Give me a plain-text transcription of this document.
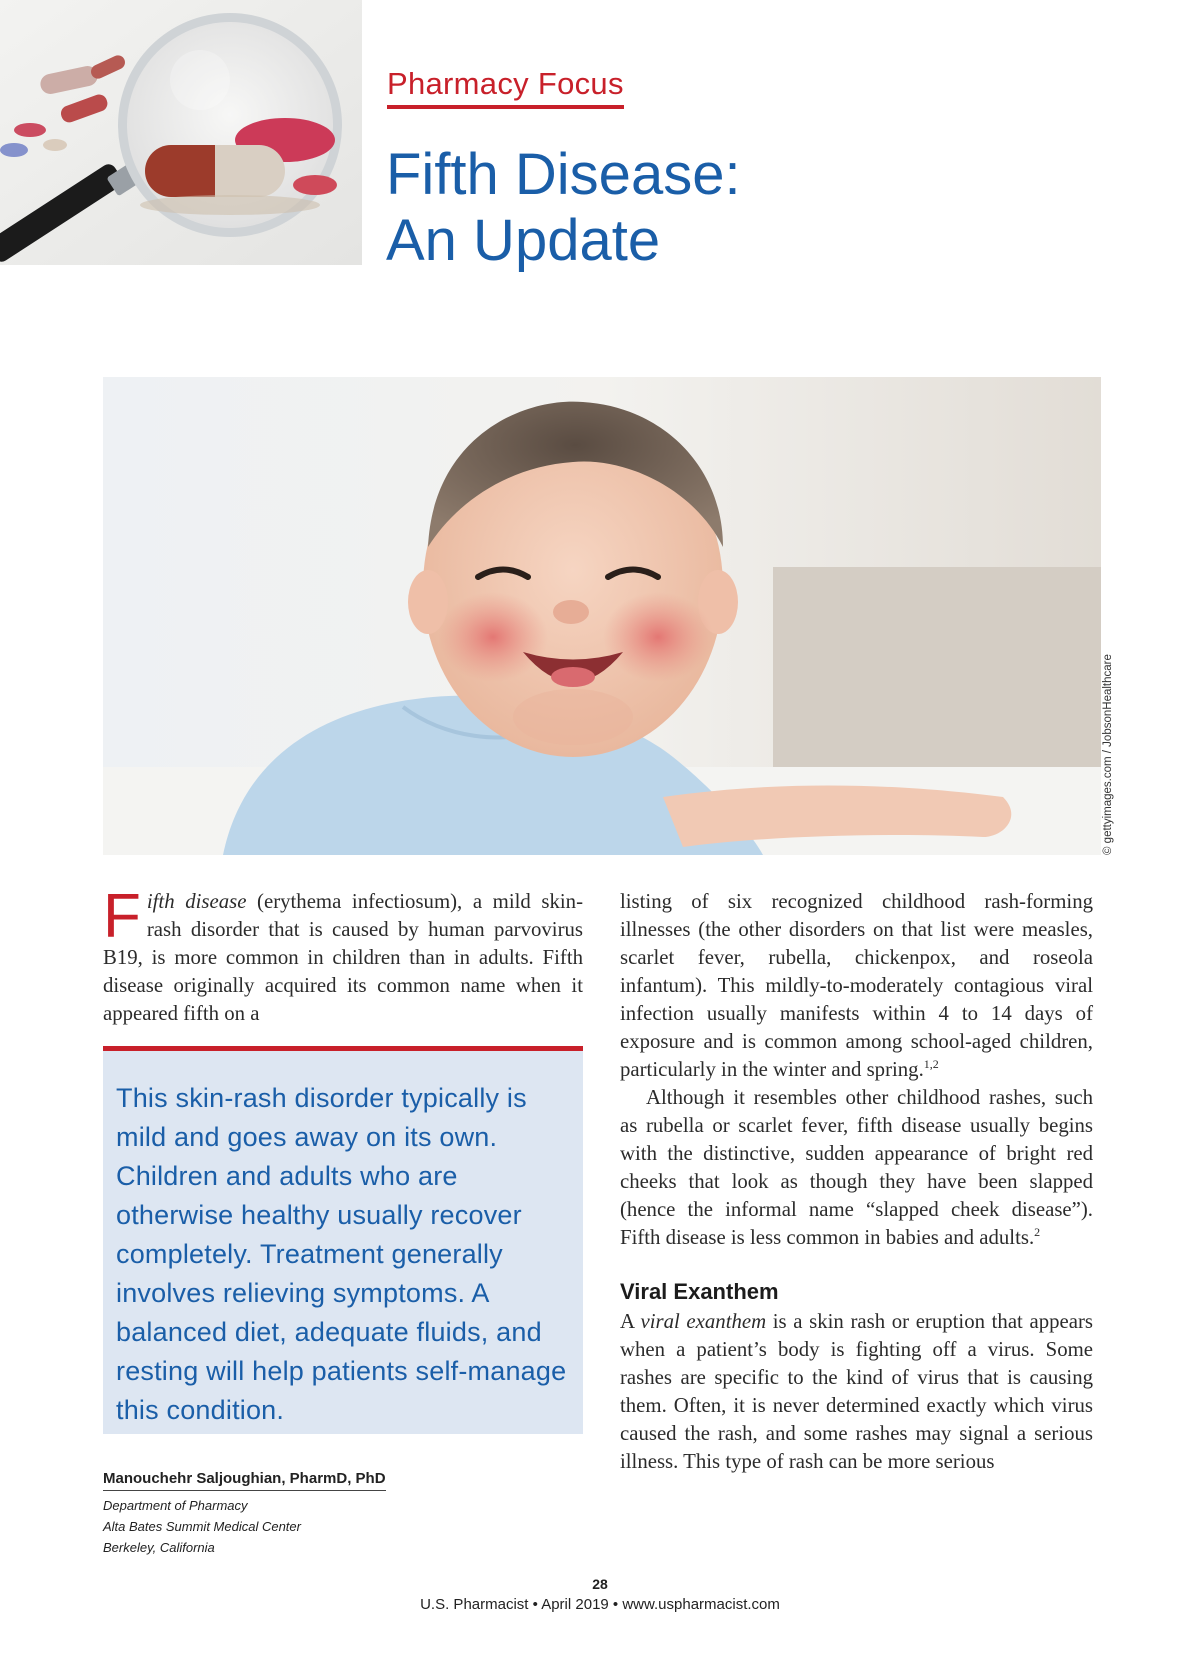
Pharmacy Focus
Fifth Disease:
An Update
© gettyimages.com / JobsonHealthcare

Fifth disease (erythema infectiosum), a mild skin-rash disorder that is caused by human parvovirus B19, is more common in children than in adults. Fifth disease originally acquired its common name when it appeared fifth on a

This skin-rash disorder typically is mild and goes away on its own. Children and adults who are otherwise healthy usually recover completely. Treatment generally involves relieving symptoms. A balanced diet, adequate fluids, and resting will help patients self-manage this condition.
Manouchehr Saljoughian, PharmD, PhD
Department of Pharmacy
Alta Bates Summit Medical Center
Berkeley, California

listing of six recognized childhood rash-forming illnesses (the other disorders on that list were measles, scarlet fever, rubella, chickenpox, and roseola infantum). This mildly-to-moderately contagious viral infection usually manifests within 4 to 14 days of exposure and is common among school-aged children, particularly in the winter and spring.$^{1,2}$

Although it resembles other childhood rashes, such as rubella or scarlet fever, fifth disease usually begins with the distinctive, sudden appearance of bright red cheeks that look as though they have been slapped (hence the informal name “slapped cheek disease”). Fifth disease is less common in babies and adults.$^2$

Viral Exanthem

A viral exanthem is a skin rash or eruption that appears when a patient’s body is fighting off a virus. Some rashes are specific to the kind of virus that is causing them. Often, it is never determined exactly which virus caused the rash, and some rashes may signal a serious illness. This type of rash can be more serious

28
U.S. Pharmacist • April 2019 • www.uspharmacist.com
